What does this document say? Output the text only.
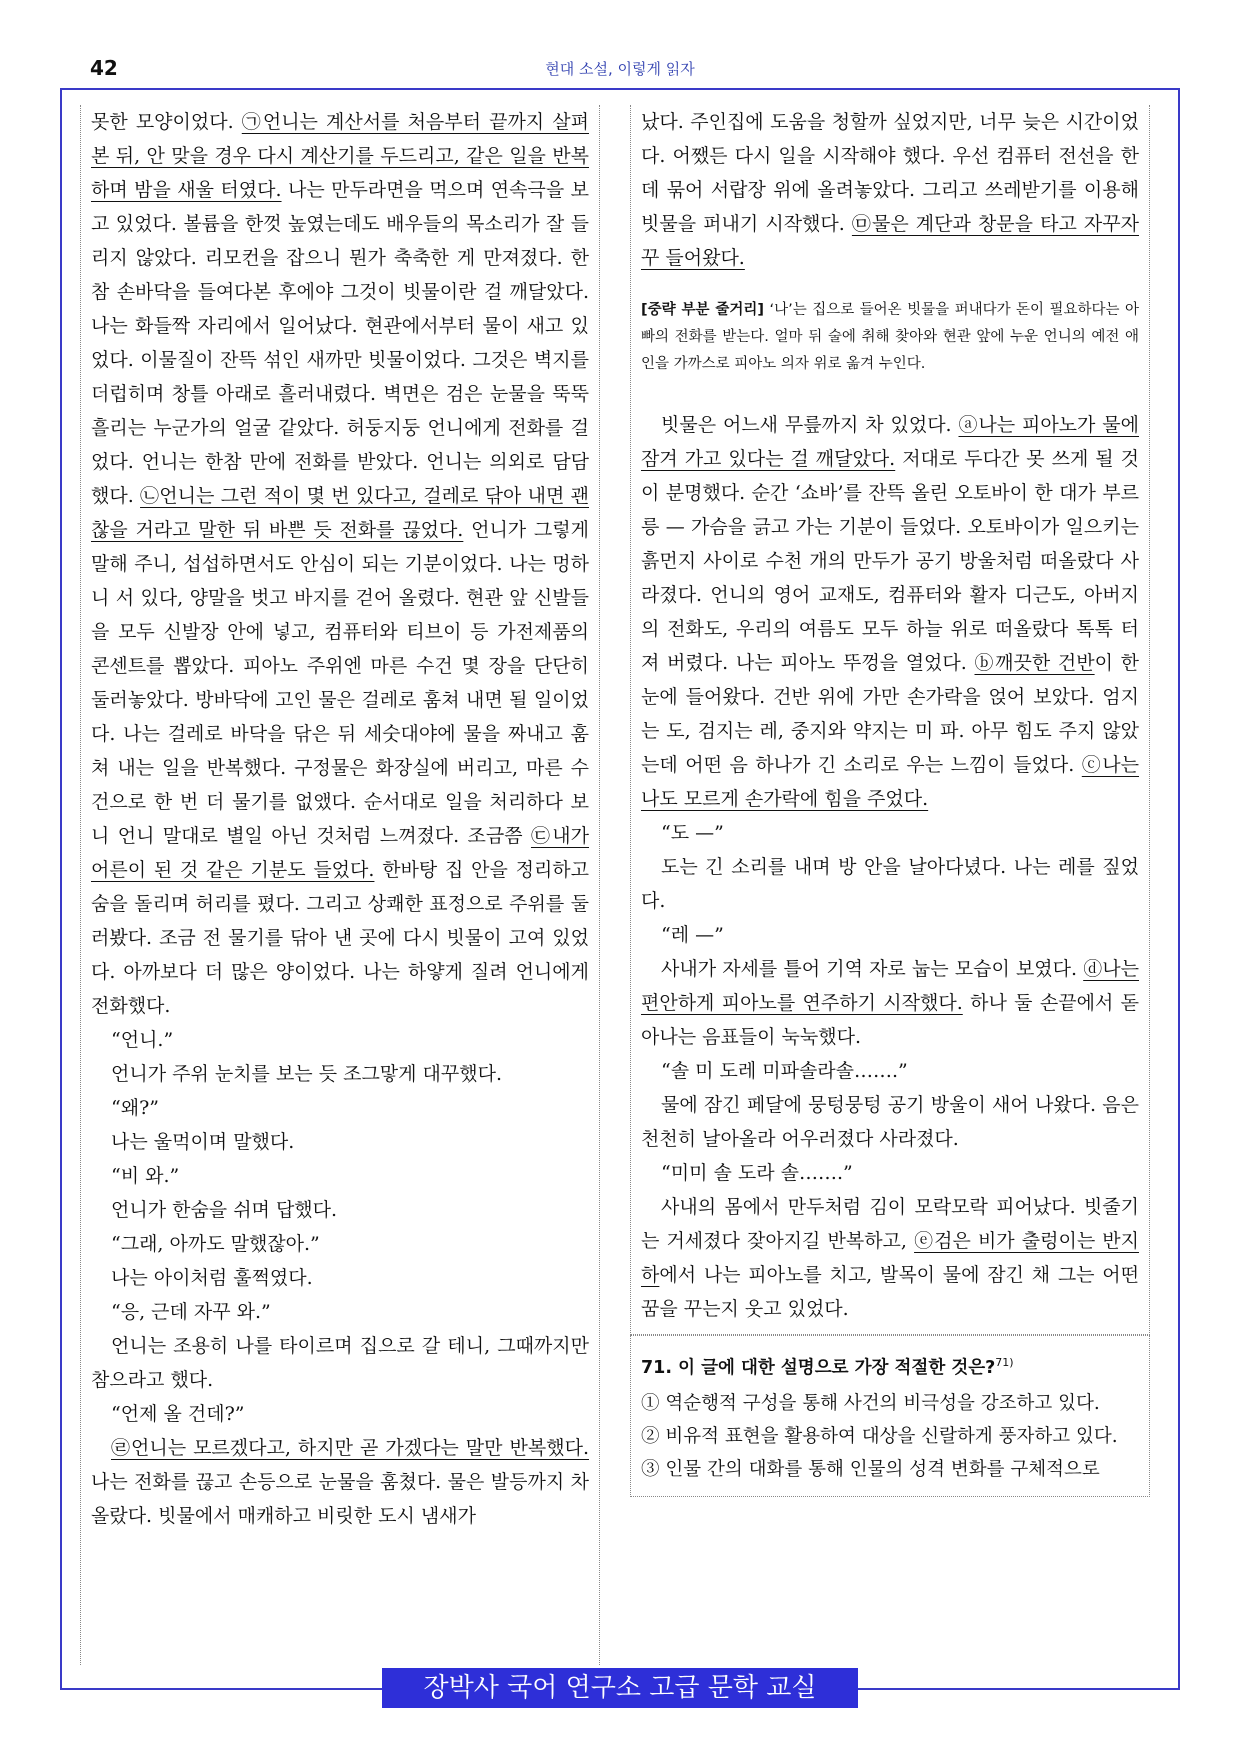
42	현대 소설, 이렇게 읽자

못한 모양이었다. ㉠언니는 계산서를 처음부터 끝까지 살펴본 뒤, 안 맞을 경우 다시 계산기를 두드리고, 같은 일을 반복하며 밤을 새울 터였다. 나는 만두라면을 먹으며 연속극을 보고 있었다. 볼륨을 한껏 높였는데도 배우들의 목소리가 잘 들리지 않았다. 리모컨을 잡으니 뭔가 축축한 게 만져졌다. 한참 손바닥을 들여다본 후에야 그것이 빗물이란 걸 깨달았다. 나는 화들짝 자리에서 일어났다. 현관에서부터 물이 새고 있었다. 이물질이 잔뜩 섞인 새까만 빗물이었다. 그것은 벽지를 더럽히며 창틀 아래로 흘러내렸다. 벽면은 검은 눈물을 뚝뚝 흘리는 누군가의 얼굴 같았다. 허둥지둥 언니에게 전화를 걸었다. 언니는 한참 만에 전화를 받았다. 언니는 의외로 담담했다. ㉡언니는 그런 적이 몇 번 있다고, 걸레로 닦아 내면 괜찮을 거라고 말한 뒤 바쁜 듯 전화를 끊었다. 언니가 그렇게 말해 주니, 섭섭하면서도 안심이 되는 기분이었다. 나는 멍하니 서 있다, 양말을 벗고 바지를 걷어 올렸다. 현관 앞 신발들을 모두 신발장 안에 넣고, 컴퓨터와 티브이 등 가전제품의 콘센트를 뽑았다. 피아노 주위엔 마른 수건 몇 장을 단단히 둘러놓았다. 방바닥에 고인 물은 걸레로 훔쳐 내면 될 일이었다. 나는 걸레로 바닥을 닦은 뒤 세숫대야에 물을 짜내고 훔쳐 내는 일을 반복했다. 구정물은 화장실에 버리고, 마른 수건으로 한 번 더 물기를 없앴다. 순서대로 일을 처리하다 보니 언니 말대로 별일 아닌 것처럼 느껴졌다. 조금쯤 ㉢내가 어른이 된 것 같은 기분도 들었다. 한바탕 집 안을 정리하고 숨을 돌리며 허리를 폈다. 그리고 상쾌한 표정으로 주위를 둘러봤다. 조금 전 물기를 닦아 낸 곳에 다시 빗물이 고여 있었다. 아까보다 더 많은 양이었다. 나는 하얗게 질려 언니에게 전화했다.

“언니.”

언니가 주위 눈치를 보는 듯 조그맣게 대꾸했다.

“왜?”

나는 울먹이며 말했다.

“비 와.”

언니가 한숨을 쉬며 답했다.

“그래, 아까도 말했잖아.”

나는 아이처럼 훌쩍였다.

“응, 근데 자꾸 와.”

언니는 조용히 나를 타이르며 집으로 갈 테니, 그때까지만 참으라고 했다.

“언제 올 건데?”

㉣언니는 모르겠다고, 하지만 곧 가겠다는 말만 반복했다. 나는 전화를 끊고 손등으로 눈물을 훔쳤다. 물은 발등까지 차올랐다. 빗물에서 매캐하고 비릿한 도시 냄새가

났다. 주인집에 도움을 청할까 싶었지만, 너무 늦은 시간이었다. 어쨌든 다시 일을 시작해야 했다. 우선 컴퓨터 전선을 한데 묶어 서랍장 위에 올려놓았다. 그리고 쓰레받기를 이용해 빗물을 퍼내기 시작했다. ㉤물은 계단과 창문을 타고 자꾸자꾸 들어왔다.

[중략 부분 줄거리] ‘나’는 집으로 들어온 빗물을 퍼내다가 돈이 필요하다는 아빠의 전화를 받는다. 얼마 뒤 술에 취해 찾아와 현관 앞에 누운 언니의 예전 애인을 가까스로 피아노 의자 위로 옮겨 누인다.

빗물은 어느새 무릎까지 차 있었다. ⓐ나는 피아노가 물에 잠겨 가고 있다는 걸 깨달았다. 저대로 두다간 못 쓰게 될 것이 분명했다. 순간 ‘쇼바’를 잔뜩 올린 오토바이 한 대가 부르릉 — 가슴을 긁고 가는 기분이 들었다. 오토바이가 일으키는 흙먼지 사이로 수천 개의 만두가 공기 방울처럼 떠올랐다 사라졌다. 언니의 영어 교재도, 컴퓨터와 활자 디근도, 아버지의 전화도, 우리의 여름도 모두 하늘 위로 떠올랐다 톡톡 터져 버렸다. 나는 피아노 뚜껑을 열었다. ⓑ깨끗한 건반이 한눈에 들어왔다. 건반 위에 가만 손가락을 얹어 보았다. 엄지는 도, 검지는 레, 중지와 약지는 미 파. 아무 힘도 주지 않았는데 어떤 음 하나가 긴 소리로 우는 느낌이 들었다. ⓒ나는 나도 모르게 손가락에 힘을 주었다.

“도 —”

도는 긴 소리를 내며 방 안을 날아다녔다. 나는 레를 짚었다.

“레 —”

사내가 자세를 틀어 기역 자로 눕는 모습이 보였다. ⓓ나는 편안하게 피아노를 연주하기 시작했다. 하나 둘 손끝에서 돋아나는 음표들이 눅눅했다.

“솔 미 도레 미파솔라솔…….”

물에 잠긴 페달에 뭉텅뭉텅 공기 방울이 새어 나왔다. 음은 천천히 날아올라 어우러졌다 사라졌다.

“미미 솔 도라 솔…….”

사내의 몸에서 만두처럼 김이 모락모락 피어났다. 빗줄기는 거세졌다 잦아지길 반복하고, ⓔ검은 비가 출렁이는 반지하에서 나는 피아노를 치고, 발목이 물에 잠긴 채 그는 어떤 꿈을 꾸는지 웃고 있었다.

71. 이 글에 대한 설명으로 가장 적절한 것은?$^{71)}$

① 역순행적 구성을 통해 사건의 비극성을 강조하고 있다.

② 비유적 표현을 활용하여 대상을 신랄하게 풍자하고 있다.

③ 인물 간의 대화를 통해 인물의 성격 변화를 구체적으로

장박사 국어 연구소 고급 문학 교실
